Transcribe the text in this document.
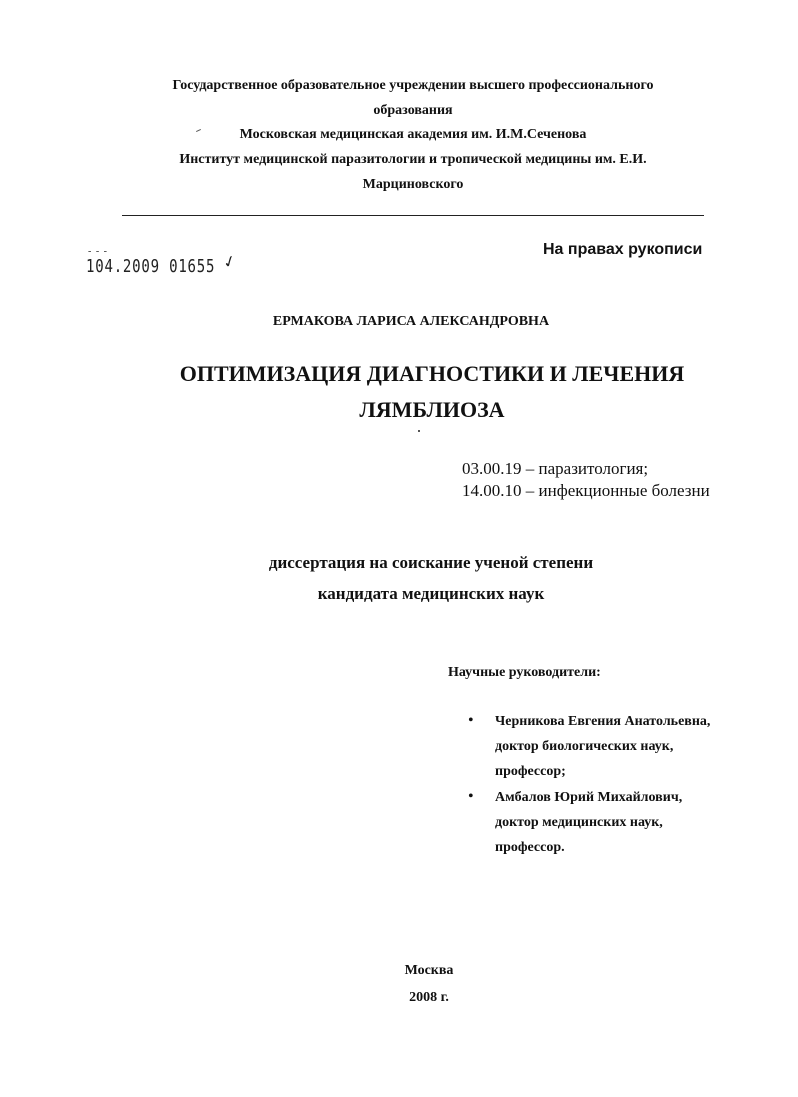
Государственное образовательное учреждении высшего профессионального
образования
Московская медицинская академия им. И.М.Сеченова
Институт медицинской паразитологии и тропической медицины им. Е.И.
Марциновского
- - -
104.2009 01655 ✓
На правах рукописи
ЕРМАКОВА ЛАРИСА АЛЕКСАНДРОВНА
ОПТИМИЗАЦИЯ ДИАГНОСТИКИ И ЛЕЧЕНИЯ
ЛЯМБЛИОЗА
03.00.19 – паразитология;
14.00.10 – инфекционные болезни
диссертация на соискание ученой степени
кандидата медицинских наук
Научные руководители:
• Черникова Евгения Анатольевна,
доктор биологических наук,
профессор;
• Амбалов Юрий Михайлович,
доктор медицинских наук,
профессор.
Москва
2008 г.
